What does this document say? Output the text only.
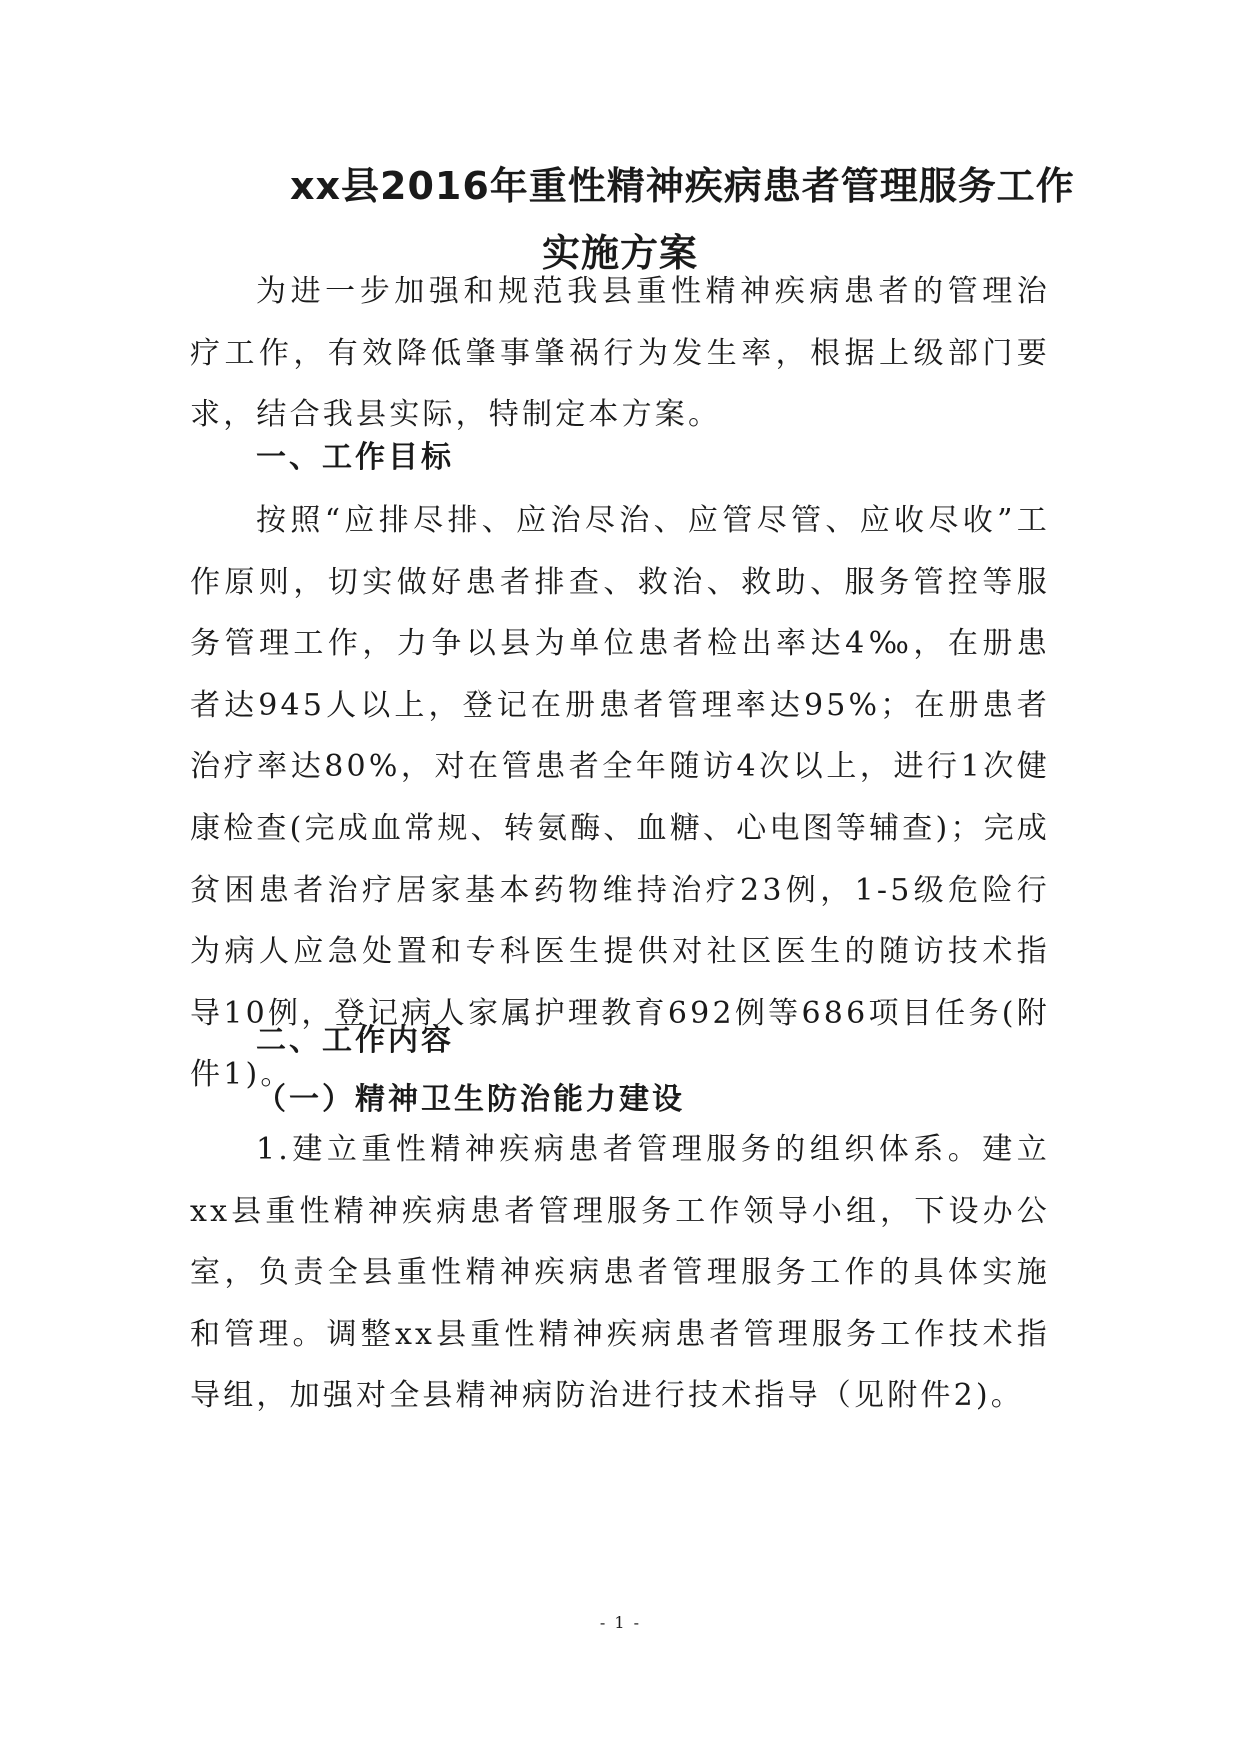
xx县2016年重性精神疾病患者管理服务工作
实施方案

为进一步加强和规范我县重性精神疾病患者的管理治疗工作，有效降低肇事肇祸行为发生率，根据上级部门要求，结合我县实际，特制定本方案。

一、工作目标

按照“应排尽排、应治尽治、应管尽管、应收尽收”工作原则，切实做好患者排查、救治、救助、服务管控等服务管理工作，力争以县为单位患者检出率达4‰，在册患者达945人以上，登记在册患者管理率达95%；在册患者治疗率达80%，对在管患者全年随访4次以上，进行1次健康检查(完成血常规、转氨酶、血糖、心电图等辅查)；完成贫困患者治疗居家基本药物维持治疗23例，1-5级危险行为病人应急处置和专科医生提供对社区医生的随访技术指导10例，登记病人家属护理教育692例等686项目任务(附件1)。

二、工作内容
（一）精神卫生防治能力建设

1.建立重性精神疾病患者管理服务的组织体系。建立xx县重性精神疾病患者管理服务工作领导小组，下设办公室，负责全县重性精神疾病患者管理服务工作的具体实施和管理。调整xx县重性精神疾病患者管理服务工作技术指导组，加强对全县精神病防治进行技术指导（见附件2)。

- 1 -
